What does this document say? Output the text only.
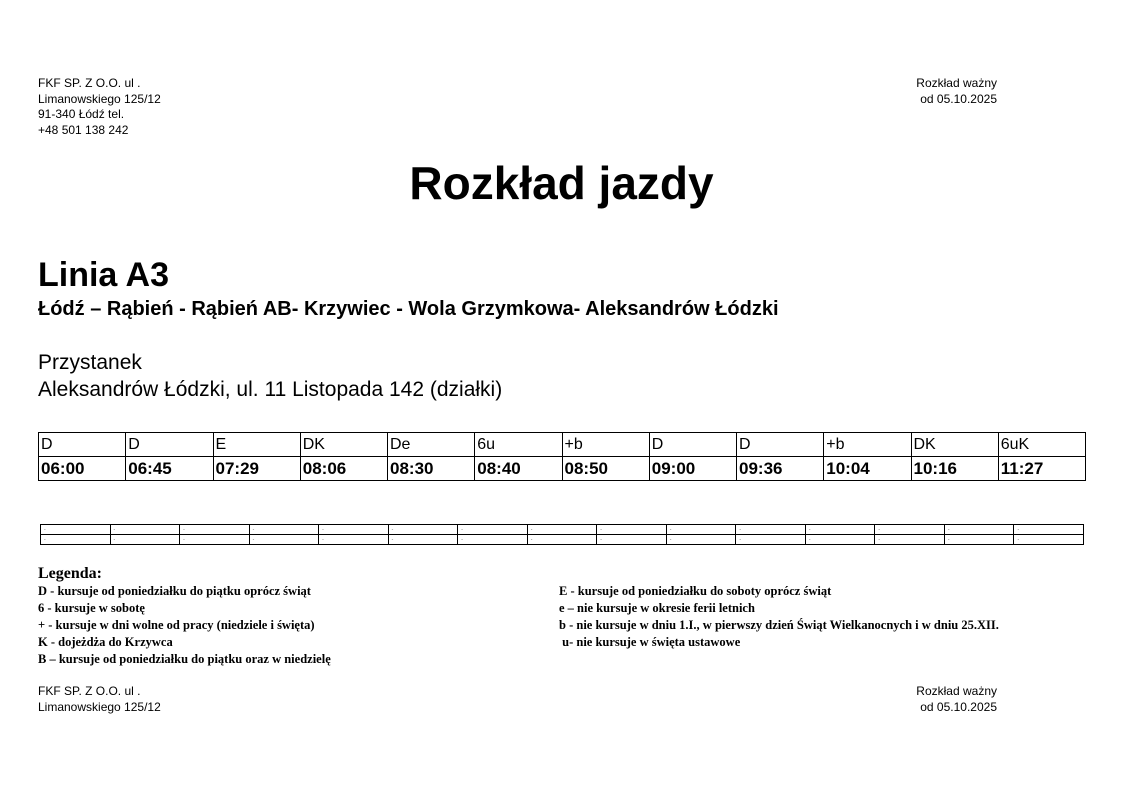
FKF SP. Z O.O. ul .
Limanowskiego 125/12
91-340 Łódź tel.
+48 501 138 242
Rozkład ważny
od 05.10.2025
Rozkład jazdy
Linia A3
Łódź – Rąbień - Rąbień AB- Krzywiec - Wola Grzymkowa- Aleksandrów Łódzki
Przystanek
Aleksandrów Łódzki, ul. 11 Listopada 142 (działki)
D	D	E	DK	De	6u	+b	D	D	+b	DK	6uK
06:00	06:45	07:29	08:06	08:30	08:40	08:50	09:00	09:36	10:04	10:16	11:27
-	-	-	-	-	-	-	-	-	-	-	-	-	-	-
-	-	-	-	-	-	-	-	-	-	-	-	-	-	-
Legenda:
D - kursuje od poniedziałku do piątku oprócz świąt
6 - kursuje w sobotę
+ - kursuje w dni wolne od pracy (niedziele i święta)
K - dojeżdża do Krzywca
B – kursuje od poniedziałku do piątku oraz w niedzielę
E - kursuje od poniedziałku do soboty oprócz świąt
e – nie kursuje w okresie ferii letnich
b - nie kursuje w dniu 1.I., w pierwszy dzień Świąt Wielkanocnych i w dniu 25.XII.
u- nie kursuje w święta ustawowe
FKF SP. Z O.O. ul .
Limanowskiego 125/12
Rozkład ważny
od 05.10.2025
